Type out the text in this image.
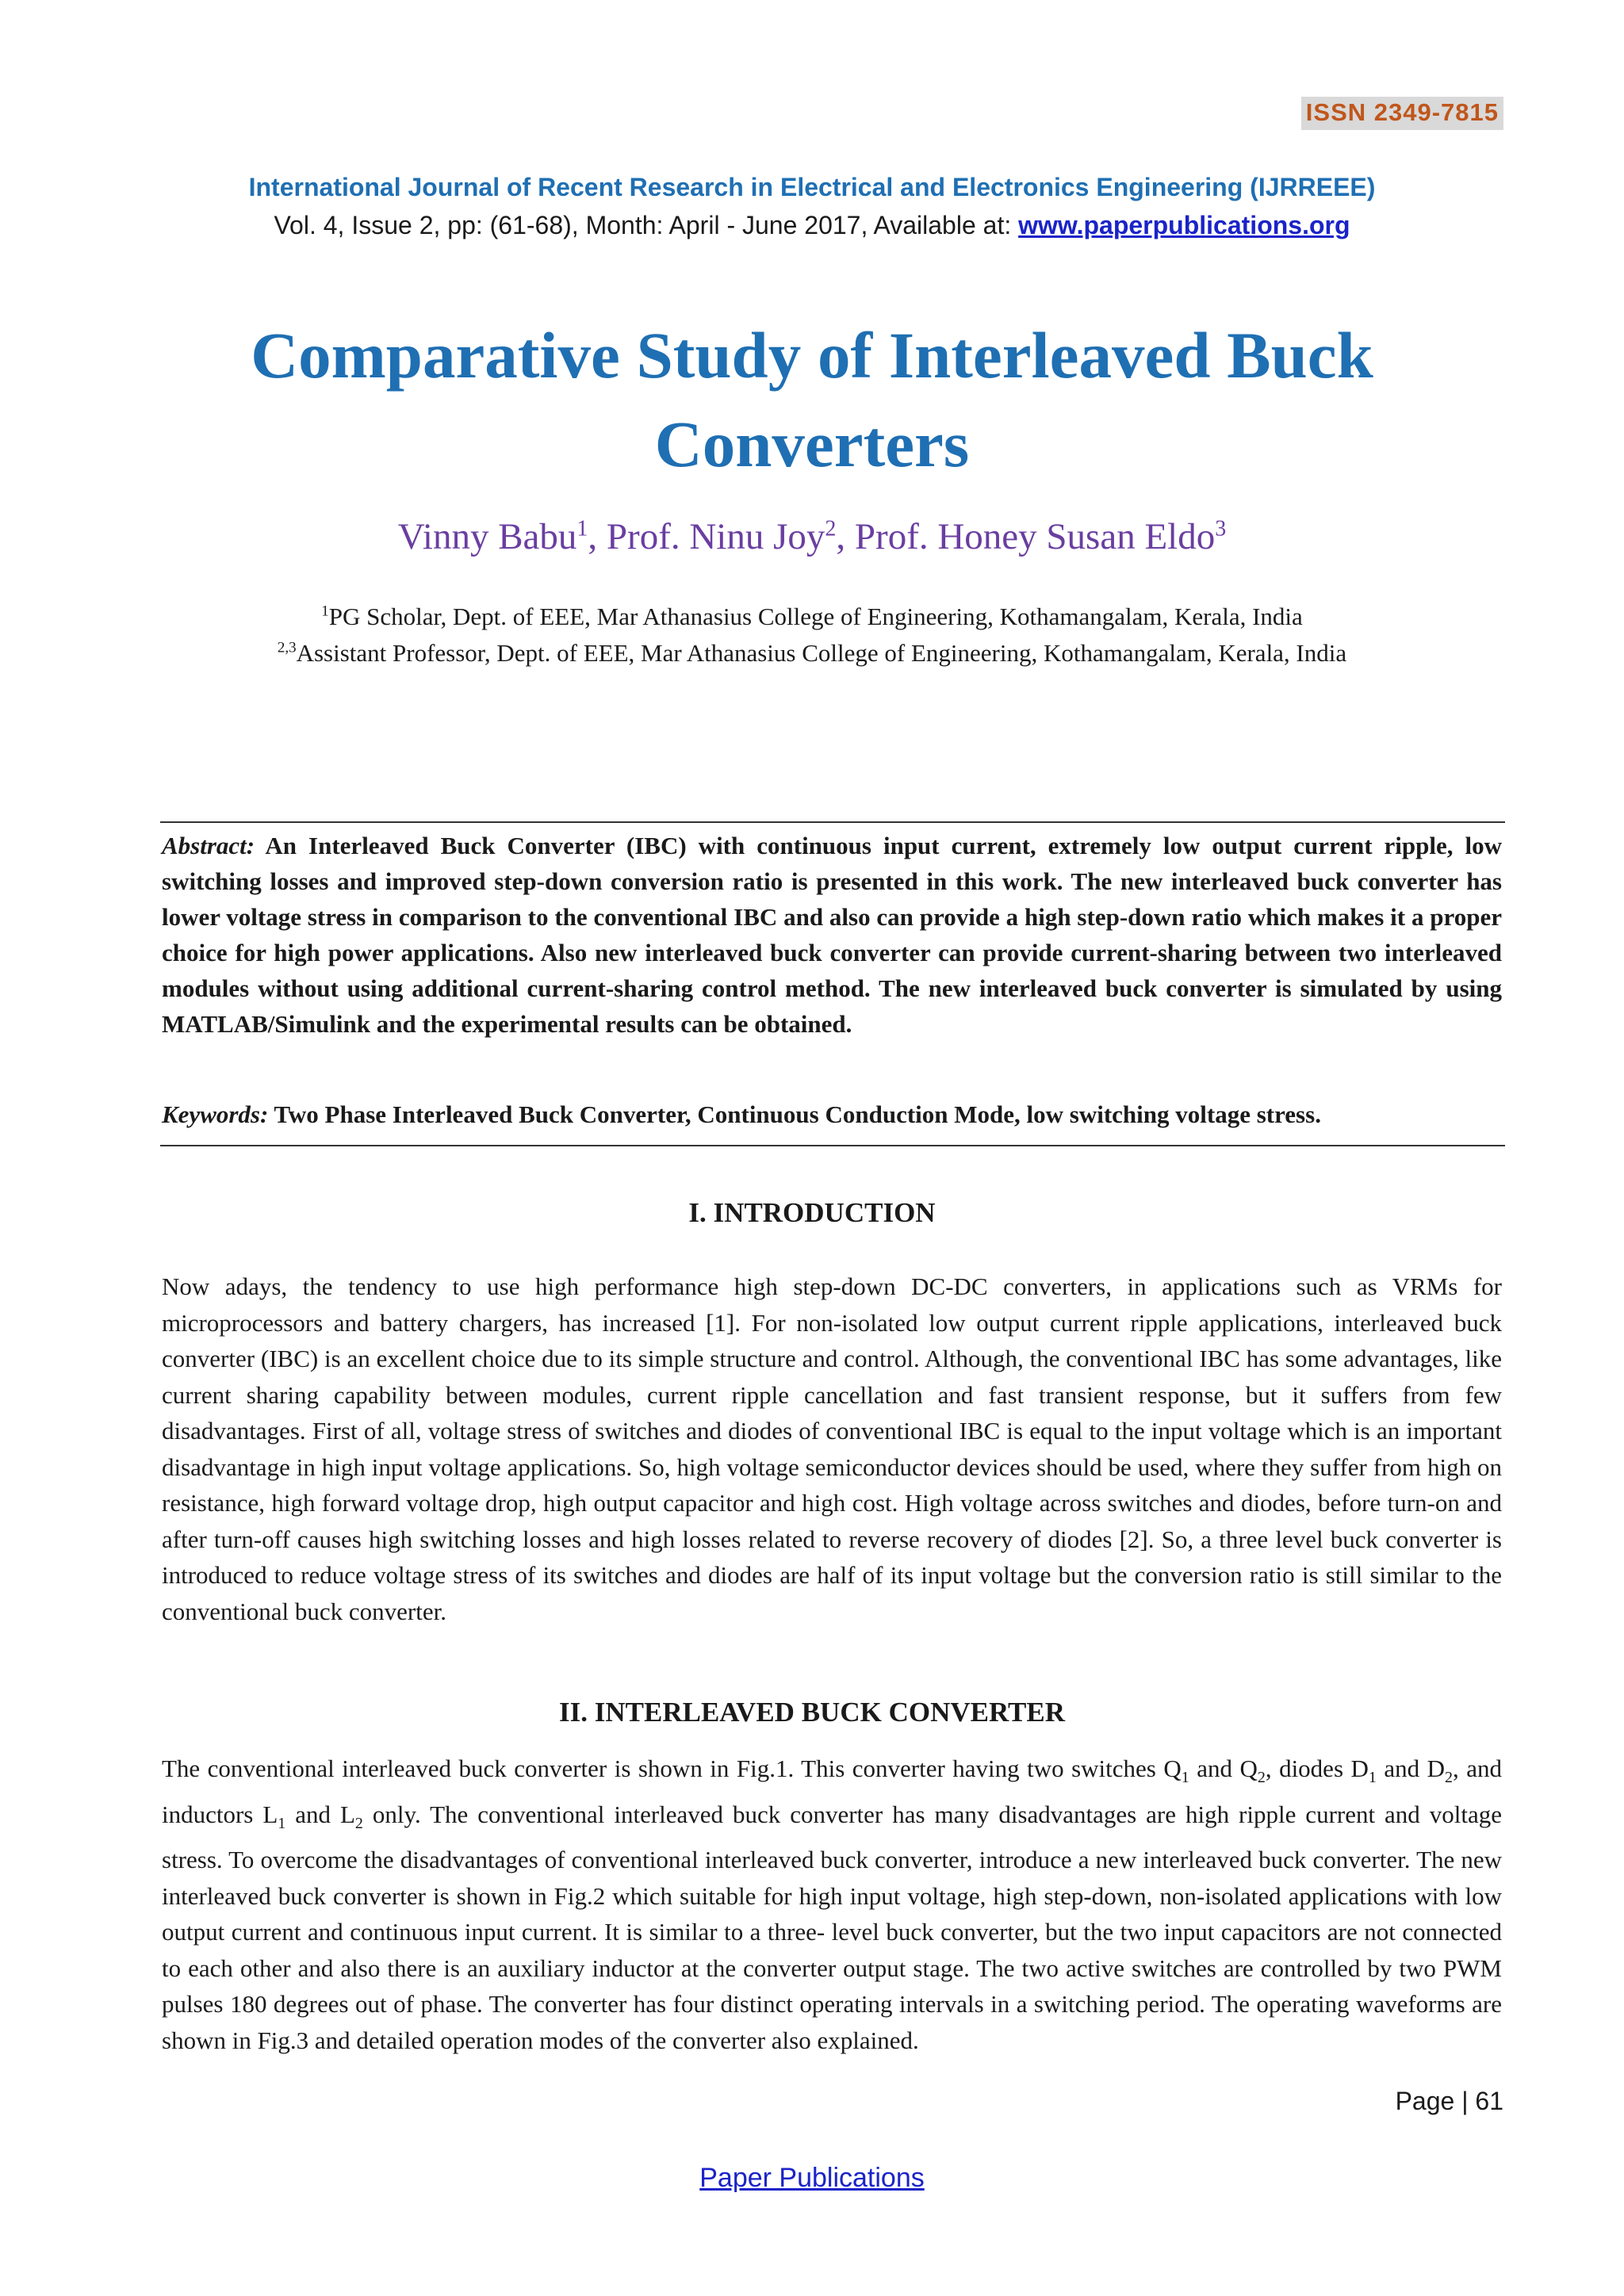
ISSN 2349-7815
International Journal of Recent Research in Electrical and Electronics Engineering (IJRREEE)
Vol. 4, Issue 2, pp: (61-68), Month: April - June 2017, Available at: www.paperpublications.org
Comparative Study of Interleaved Buck Converters
Vinny Babu$^1$, Prof. Ninu Joy$^2$, Prof. Honey Susan Eldo$^3$
$^1$PG Scholar, Dept. of EEE, Mar Athanasius College of Engineering, Kothamangalam, Kerala, India
$^{2,3}$Assistant Professor, Dept. of EEE, Mar Athanasius College of Engineering, Kothamangalam, Kerala, India
Abstract: An Interleaved Buck Converter (IBC) with continuous input current, extremely low output current ripple, low switching losses and improved step-down conversion ratio is presented in this work. The new interleaved buck converter has lower voltage stress in comparison to the conventional IBC and also can provide a high step-down ratio which makes it a proper choice for high power applications. Also new interleaved buck converter can provide current-sharing between two interleaved modules without using additional current-sharing control method. The new interleaved buck converter is simulated by using MATLAB/Simulink and the experimental results can be obtained.
Keywords: Two Phase Interleaved Buck Converter, Continuous Conduction Mode, low switching voltage stress.
I. INTRODUCTION
Now adays, the tendency to use high performance high step-down DC-DC converters, in applications such as VRMs for microprocessors and battery chargers, has increased [1]. For non-isolated low output current ripple applications, interleaved buck converter (IBC) is an excellent choice due to its simple structure and control. Although, the conventional IBC has some advantages, like current sharing capability between modules, current ripple cancellation and fast transient response, but it suffers from few disadvantages. First of all, voltage stress of switches and diodes of conventional IBC is equal to the input voltage which is an important disadvantage in high input voltage applications. So, high voltage semiconductor devices should be used, where they suffer from high on resistance, high forward voltage drop, high output capacitor and high cost. High voltage across switches and diodes, before turn-on and after turn-off causes high switching losses and high losses related to reverse recovery of diodes [2]. So, a three level buck converter is introduced to reduce voltage stress of its switches and diodes are half of its input voltage but the conversion ratio is still similar to the conventional buck converter.
II. INTERLEAVED BUCK CONVERTER
The conventional interleaved buck converter is shown in Fig.1. This converter having two switches $Q_1$ and $Q_2$, diodes $D_1$ and $D_2$, and inductors $L_1$ and $L_2$ only. The conventional interleaved buck converter has many disadvantages are high ripple current and voltage stress. To overcome the disadvantages of conventional interleaved buck converter, introduce a new interleaved buck converter. The new interleaved buck converter is shown in Fig.2 which suitable for high input voltage, high step-down, non-isolated applications with low output current and continuous input current. It is similar to a three- level buck converter, but the two input capacitors are not connected to each other and also there is an auxiliary inductor at the converter output stage. The two active switches are controlled by two PWM pulses 180 degrees out of phase. The converter has four distinct operating intervals in a switching period. The operating waveforms are shown in Fig.3 and detailed operation modes of the converter also explained.
Page | 61
Paper Publications
